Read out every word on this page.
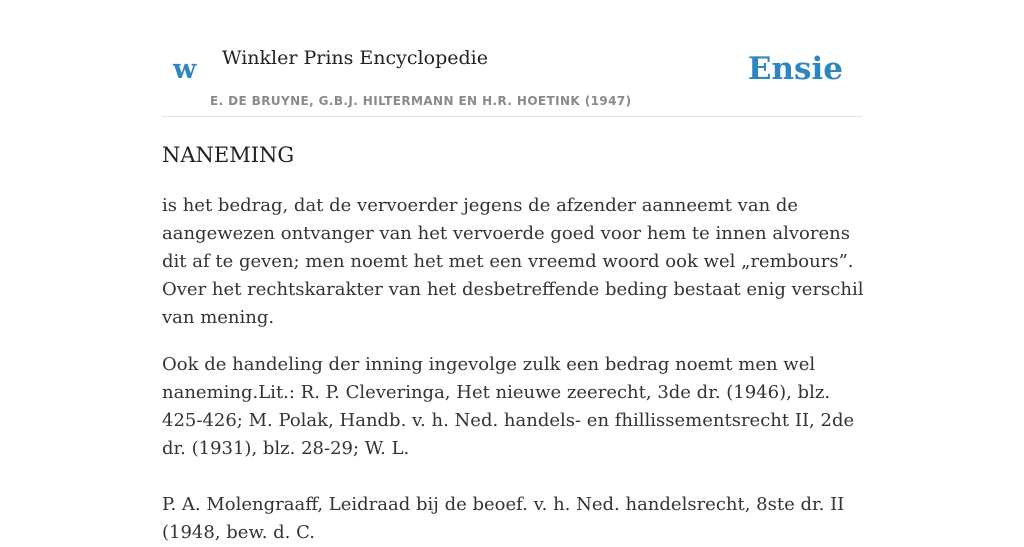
w Winkler Prins Encyclopedie
E. DE BRUYNE, G.B.J. HILTERMANN EN H.R. HOETINK (1947)
Ensie
NANEMING

is het bedrag, dat de vervoerder jegens de afzender aanneemt van de aangewezen ontvanger van het vervoerde goed voor hem te innen alvorens dit af te geven; men noemt het met een vreemd woord ook wel „rembours”. Over het rechtskarakter van het desbetreffende beding bestaat enig verschil van mening.

Ook de handeling der inning ingevolge zulk een bedrag noemt men wel naneming.Lit.: R. P. Cleveringa, Het nieuwe zeerecht, 3de dr. (1946), blz. 425-426; M. Polak, Handb. v. h. Ned. handels- en fhillissementsrecht II, 2de dr. (1931), blz. 28-29; W. L.

P. A. Molengraaff, Leidraad bij de beoef. v. h. Ned. handelsrecht, 8ste dr. II (1948, bew. d. C.
